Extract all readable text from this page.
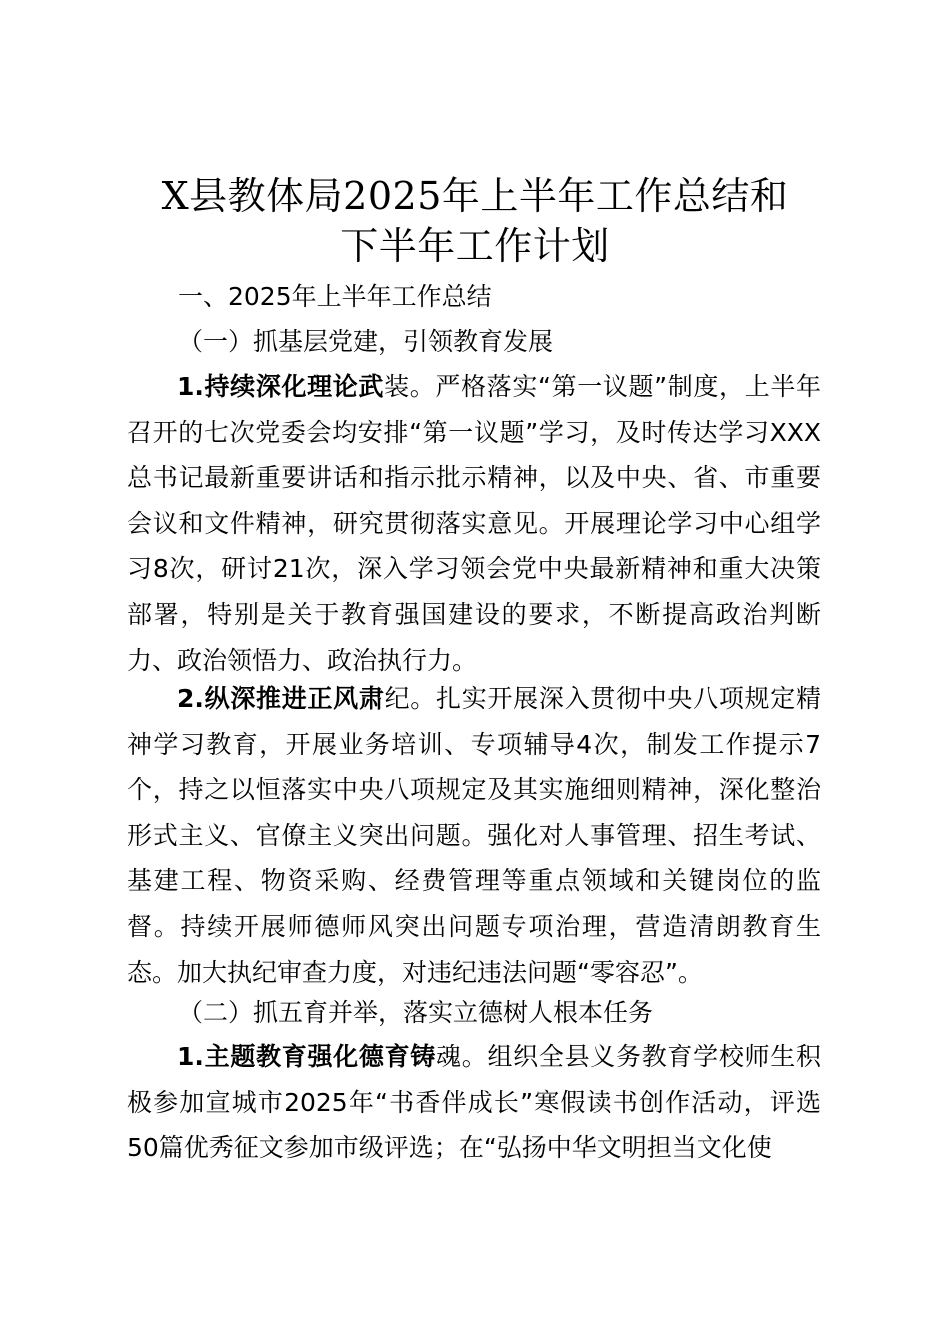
X县教体局2025年上半年工作总结和
下半年工作计划
一、2025年上半年工作总结
（一）抓基层党建，引领教育发展

1.持续深化理论武装。严格落实“第一议题”制度，上半年召开的七次党委会均安排“第一议题”学习，及时传达学习XXX总书记最新重要讲话和指示批示精神，以及中央、省、市重要会议和文件精神，研究贯彻落实意见。开展理论学习中心组学习8次，研讨21次，深入学习领会党中央最新精神和重大决策部署，特别是关于教育强国建设的要求，不断提高政治判断力、政治领悟力、政治执行力。

2.纵深推进正风肃纪。扎实开展深入贯彻中央八项规定精神学习教育，开展业务培训、专项辅导4次，制发工作提示7个，持之以恒落实中央八项规定及其实施细则精神，深化整治形式主义、官僚主义突出问题。强化对人事管理、招生考试、基建工程、物资采购、经费管理等重点领域和关键岗位的监督。持续开展师德师风突出问题专项治理，营造清朗教育生态。加大执纪审查力度，对违纪违法问题“零容忍”。

（二）抓五育并举，落实立德树人根本任务

1.主题教育强化德育铸魂。组织全县义务教育学校师生积极参加宣城市2025年“书香伴成长”寒假读书创作活动，评选50篇优秀征文参加市级评选；在“弘扬中华文明担当文化使
